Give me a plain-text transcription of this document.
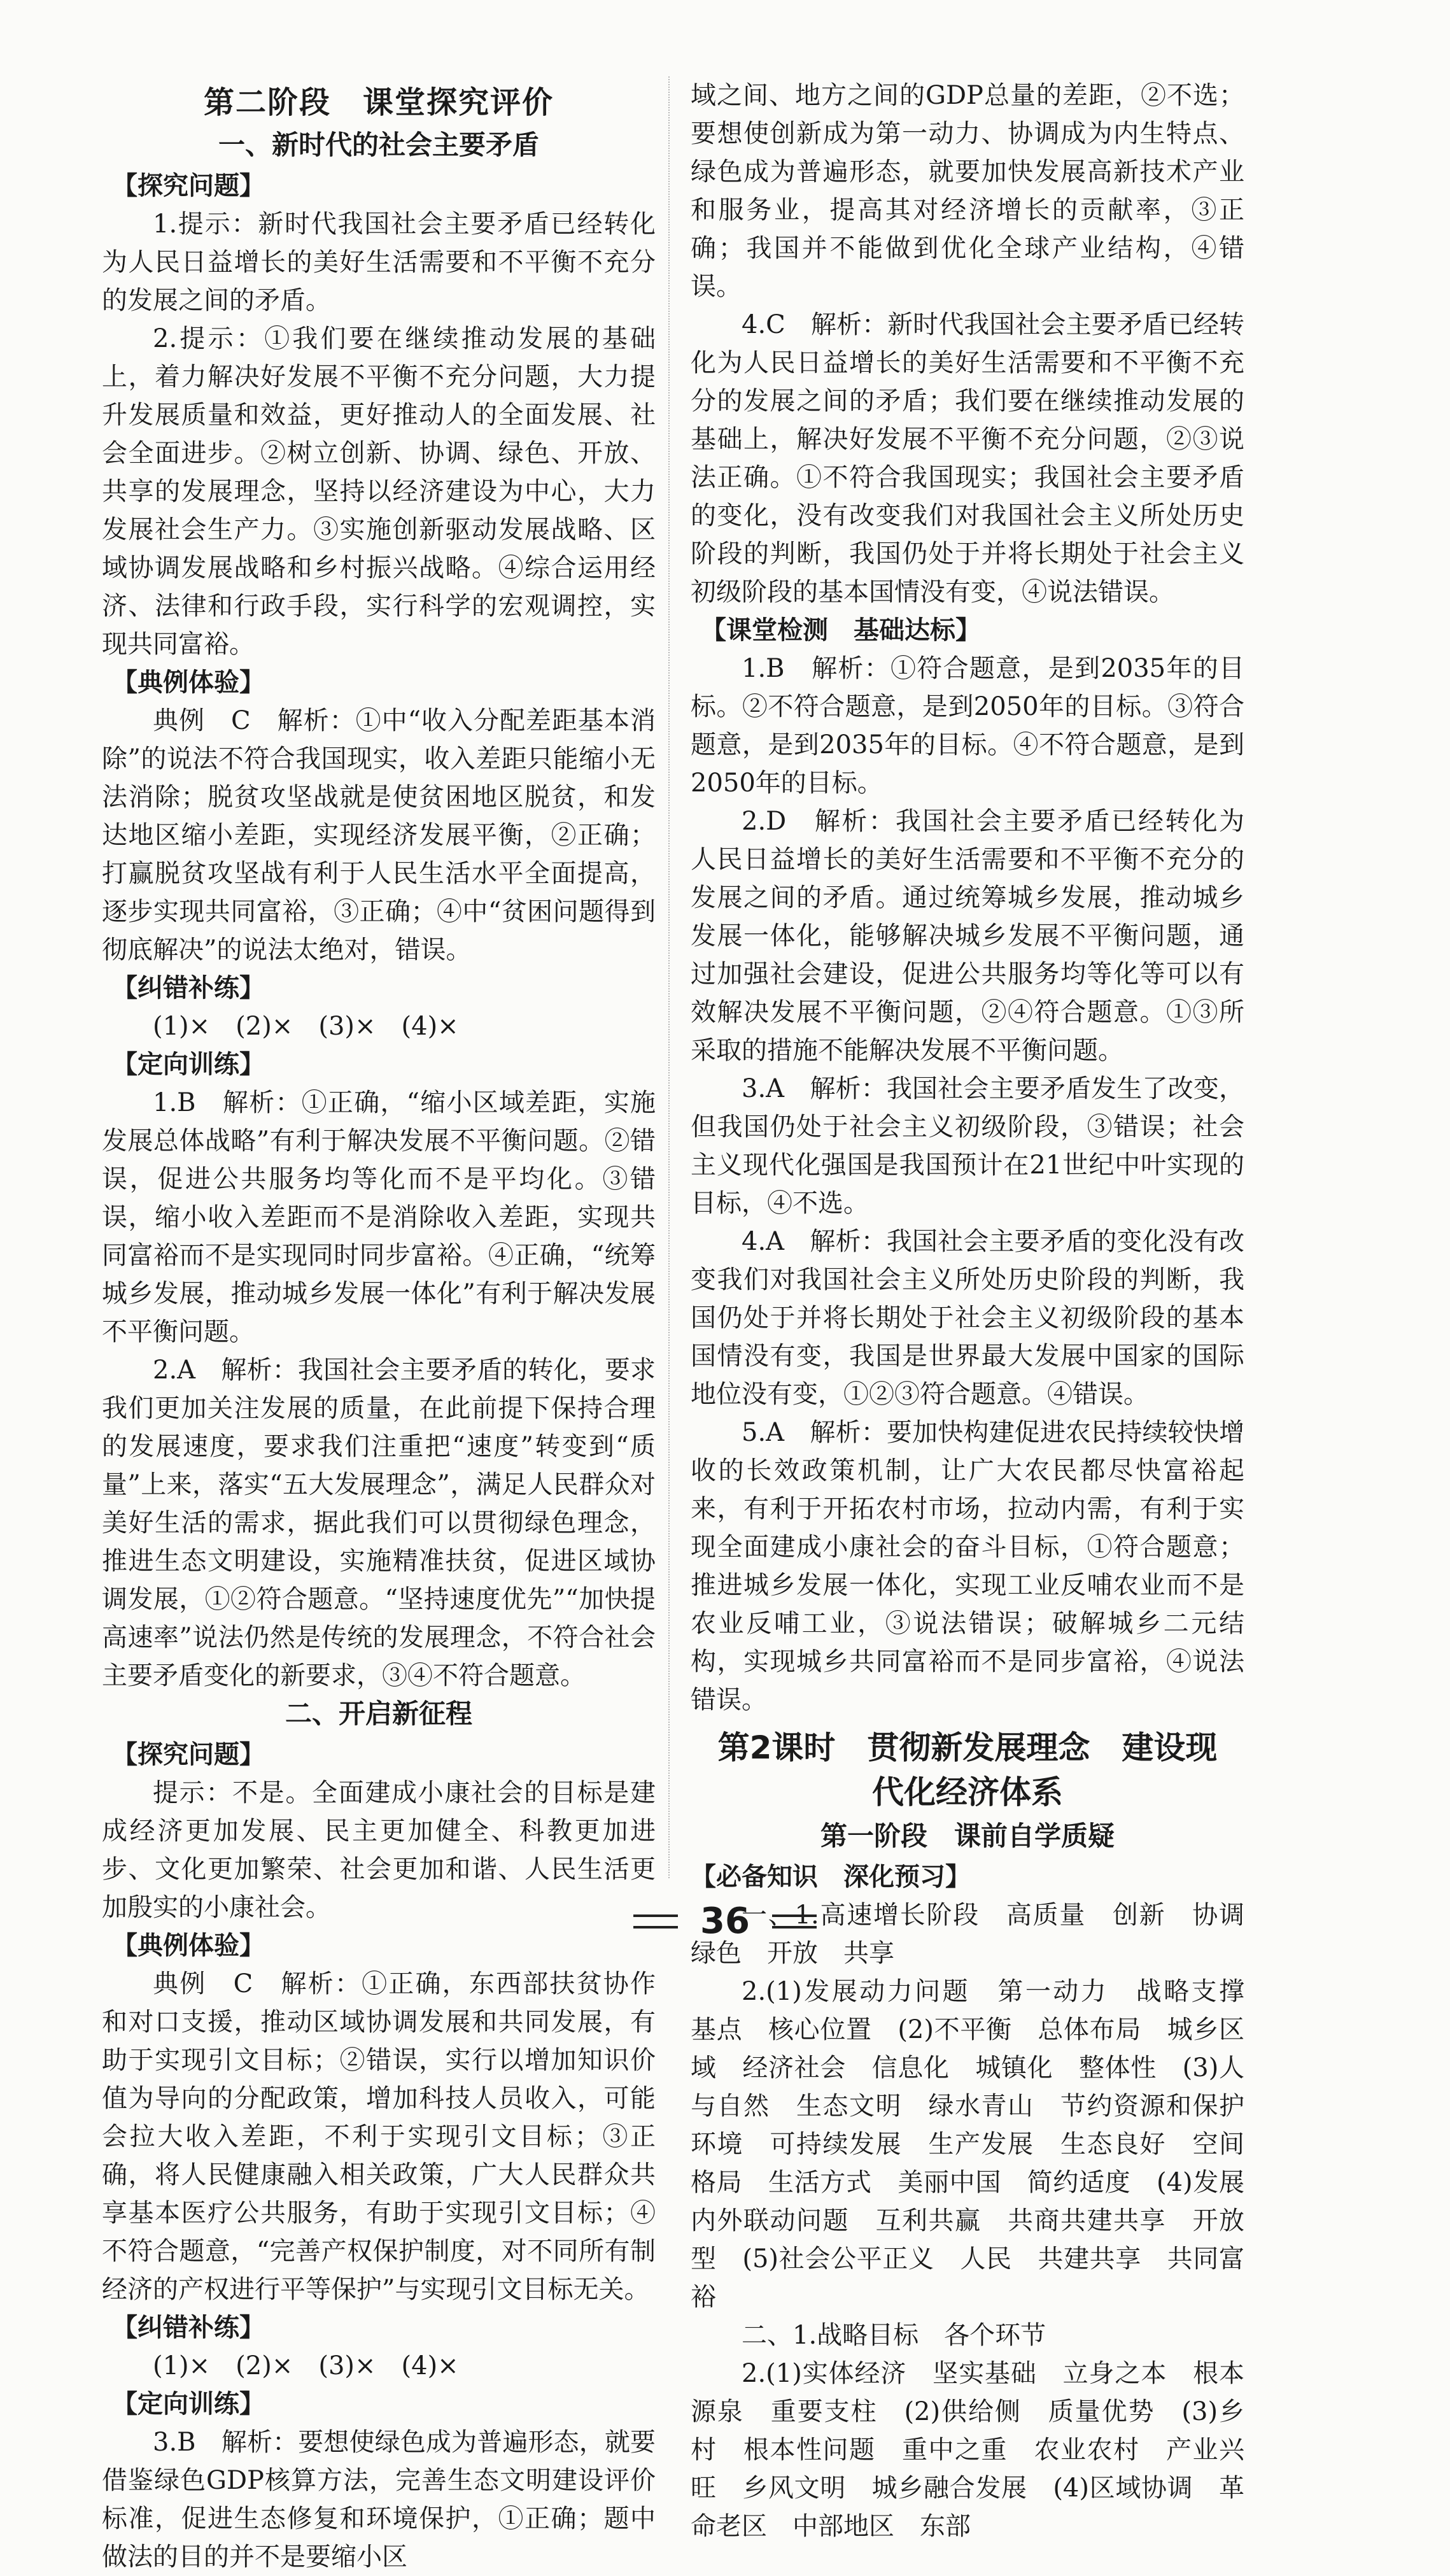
第二阶段　课堂探究评价
一、新时代的社会主要矛盾
【探究问题】

1.提示：新时代我国社会主要矛盾已经转化为人民日益增长的美好生活需要和不平衡不充分的发展之间的矛盾。

2.提示：①我们要在继续推动发展的基础上，着力解决好发展不平衡不充分问题，大力提升发展质量和效益，更好推动人的全面发展、社会全面进步。②树立创新、协调、绿色、开放、共享的发展理念，坚持以经济建设为中心，大力发展社会生产力。③实施创新驱动发展战略、区域协调发展战略和乡村振兴战略。④综合运用经济、法律和行政手段，实行科学的宏观调控，实现共同富裕。

【典例体验】

典例　C　解析：①中“收入分配差距基本消除”的说法不符合我国现实，收入差距只能缩小无法消除；脱贫攻坚战就是使贫困地区脱贫，和发达地区缩小差距，实现经济发展平衡，②正确；打赢脱贫攻坚战有利于人民生活水平全面提高，逐步实现共同富裕，③正确；④中“贫困问题得到彻底解决”的说法太绝对，错误。

【纠错补练】

(1)×　(2)×　(3)×　(4)×

【定向训练】

1.B　解析：①正确，“缩小区域差距，实施发展总体战略”有利于解决发展不平衡问题。②错误，促进公共服务均等化而不是平均化。③错误，缩小收入差距而不是消除收入差距，实现共同富裕而不是实现同时同步富裕。④正确，“统筹城乡发展，推动城乡发展一体化”有利于解决发展不平衡问题。

2.A　解析：我国社会主要矛盾的转化，要求我们更加关注发展的质量，在此前提下保持合理的发展速度，要求我们注重把“速度”转变到“质量”上来，落实“五大发展理念”，满足人民群众对美好生活的需求，据此我们可以贯彻绿色理念，推进生态文明建设，实施精准扶贫，促进区域协调发展，①②符合题意。“坚持速度优先”“加快提高速率”说法仍然是传统的发展理念，不符合社会主要矛盾变化的新要求，③④不符合题意。

二、开启新征程
【探究问题】

提示：不是。全面建成小康社会的目标是建成经济更加发展、民主更加健全、科教更加进步、文化更加繁荣、社会更加和谐、人民生活更加殷实的小康社会。

【典例体验】

典例　C　解析：①正确，东西部扶贫协作和对口支援，推动区域协调发展和共同发展，有助于实现引文目标；②错误，实行以增加知识价值为导向的分配政策，增加科技人员收入，可能会拉大收入差距，不利于实现引文目标；③正确，将人民健康融入相关政策，广大人民群众共享基本医疗公共服务，有助于实现引文目标；④不符合题意，“完善产权保护制度，对不同所有制经济的产权进行平等保护”与实现引文目标无关。

【纠错补练】

(1)×　(2)×　(3)×　(4)×

【定向训练】

3.B　解析：要想使绿色成为普遍形态，就要借鉴绿色GDP核算方法，完善生态文明建设评价标准，促进生态修复和环境保护，①正确；题中做法的目的并不是要缩小区

域之间、地方之间的GDP总量的差距，②不选；要想使创新成为第一动力、协调成为内生特点、绿色成为普遍形态，就要加快发展高新技术产业和服务业，提高其对经济增长的贡献率，③正确；我国并不能做到优化全球产业结构，④错误。

4.C　解析：新时代我国社会主要矛盾已经转化为人民日益增长的美好生活需要和不平衡不充分的发展之间的矛盾；我们要在继续推动发展的基础上，解决好发展不平衡不充分问题，②③说法正确。①不符合我国现实；我国社会主要矛盾的变化，没有改变我们对我国社会主义所处历史阶段的判断，我国仍处于并将长期处于社会主义初级阶段的基本国情没有变，④说法错误。

【课堂检测　基础达标】

1.B　解析：①符合题意，是到2035年的目标。②不符合题意，是到2050年的目标。③符合题意，是到2035年的目标。④不符合题意，是到2050年的目标。

2.D　解析：我国社会主要矛盾已经转化为人民日益增长的美好生活需要和不平衡不充分的发展之间的矛盾。通过统筹城乡发展，推动城乡发展一体化，能够解决城乡发展不平衡问题，通过加强社会建设，促进公共服务均等化等可以有效解决发展不平衡问题，②④符合题意。①③所采取的措施不能解决发展不平衡问题。

3.A　解析：我国社会主要矛盾发生了改变，但我国仍处于社会主义初级阶段，③错误；社会主义现代化强国是我国预计在21世纪中叶实现的目标，④不选。

4.A　解析：我国社会主要矛盾的变化没有改变我们对我国社会主义所处历史阶段的判断，我国仍处于并将长期处于社会主义初级阶段的基本国情没有变，我国是世界最大发展中国家的国际地位没有变，①②③符合题意。④错误。

5.A　解析：要加快构建促进农民持续较快增收的长效政策机制，让广大农民都尽快富裕起来，有利于开拓农村市场，拉动内需，有利于实现全面建成小康社会的奋斗目标，①符合题意；推进城乡发展一体化，实现工业反哺农业而不是农业反哺工业，③说法错误；破解城乡二元结构，实现城乡共同富裕而不是同步富裕，④说法错误。

第2课时　贯彻新发展理念　建设现
代化经济体系
第一阶段　课前自学质疑
【必备知识　深化预习】

一、1.高速增长阶段　高质量　创新　协调　绿色　开放　共享

2.(1)发展动力问题　第一动力　战略支撑　基点　核心位置　(2)不平衡　总体布局　城乡区域　经济社会　信息化　城镇化　整体性　(3)人与自然　生态文明　绿水青山　节约资源和保护环境　可持续发展　生产发展　生态良好　空间格局　生活方式　美丽中国　简约适度　(4)发展内外联动问题　互利共赢　共商共建共享　开放型　(5)社会公平正义　人民　共建共享　共同富裕

二、1.战略目标　各个环节

2.(1)实体经济　坚实基础　立身之本　根本源泉　重要支柱　(2)供给侧　质量优势　(3)乡村　根本性问题　重中之重　农业农村　产业兴旺　乡风文明　城乡融合发展　(4)区域协调　革命老区　中部地区　东部

36
